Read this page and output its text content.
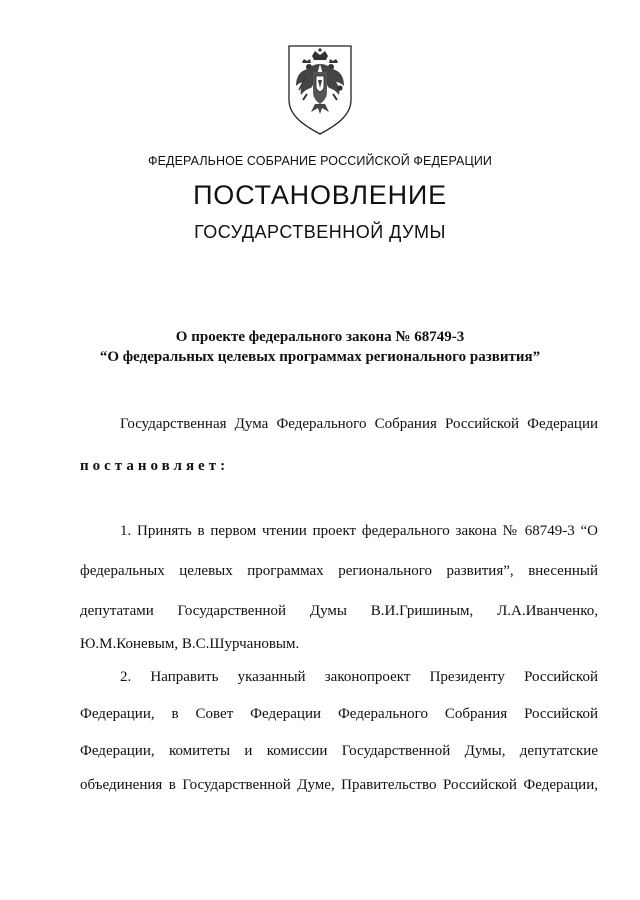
ФЕДЕРАЛЬНОЕ СОБРАНИЕ РОССИЙСКОЙ ФЕДЕРАЦИИ
ПОСТАНОВЛЕНИЕ
ГОСУДАРСТВЕННОЙ ДУМЫ
О проекте федерального закона № 68749-3
“О федеральных целевых программах регионального развития”
Государственная Дума Федерального Собрания Российской Федерации
постановляет:
1. Принять в первом чтении проект федерального закона № 68749-3 “О
федеральных целевых программах регионального развития”, внесенный
депутатами Государственной Думы В.И.Гришиным, Л.А.Иванченко,
Ю.М.Коневым, В.С.Шурчановым.
2. Направить указанный законопроект Президенту Российской
Федерации, в Совет Федерации Федерального Собрания Российской
Федерации, комитеты и комиссии Государственной Думы, депутатские
объединения в Государственной Думе, Правительство Российской Федерации,
